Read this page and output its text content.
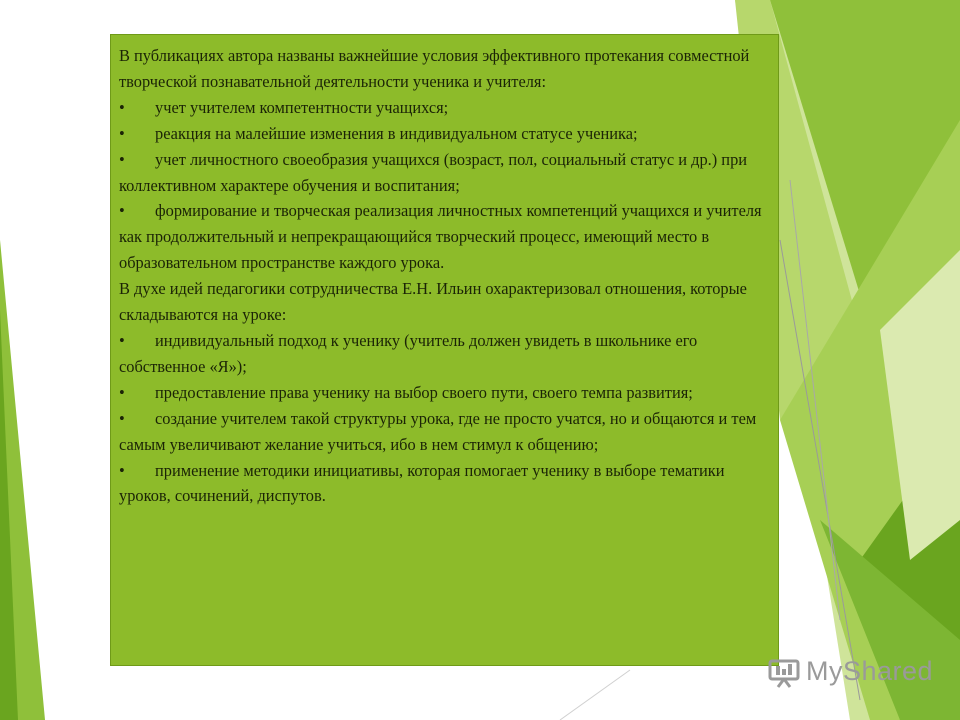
В публикациях автора названы важнейшие условия эффективного протекания совместной творческой познавательной деятельности ученика и учителя:

• учет учителем компетентности учащихся;

• реакция на малейшие изменения в индивидуальном статусе ученика;

• учет личностного своеобразия учащихся (возраст, пол, социальный статус и др.) при коллективном характере обучения и воспитания;

• формирование и творческая реализация личностных компетенций учащихся и учителя как продолжительный и непрекращающийся творческий процесс, имеющий место в образовательном пространстве каждого урока.

В духе идей педагогики сотрудничества Е.Н. Ильин охарактеризовал отношения, которые складываются на уроке:

• индивидуальный подход к ученику (учитель должен увидеть в школьнике его собственное «Я»);

• предоставление права ученику на выбор своего пути, своего темпа развития;

• создание учителем такой структуры урока, где не просто учатся, но и общаются и тем самым увеличивают желание учиться, ибо в нем стимул к общению;

• применение методики инициативы, которая помогает ученику в выборе тематики уроков, сочинений, диспутов.

MyShared
